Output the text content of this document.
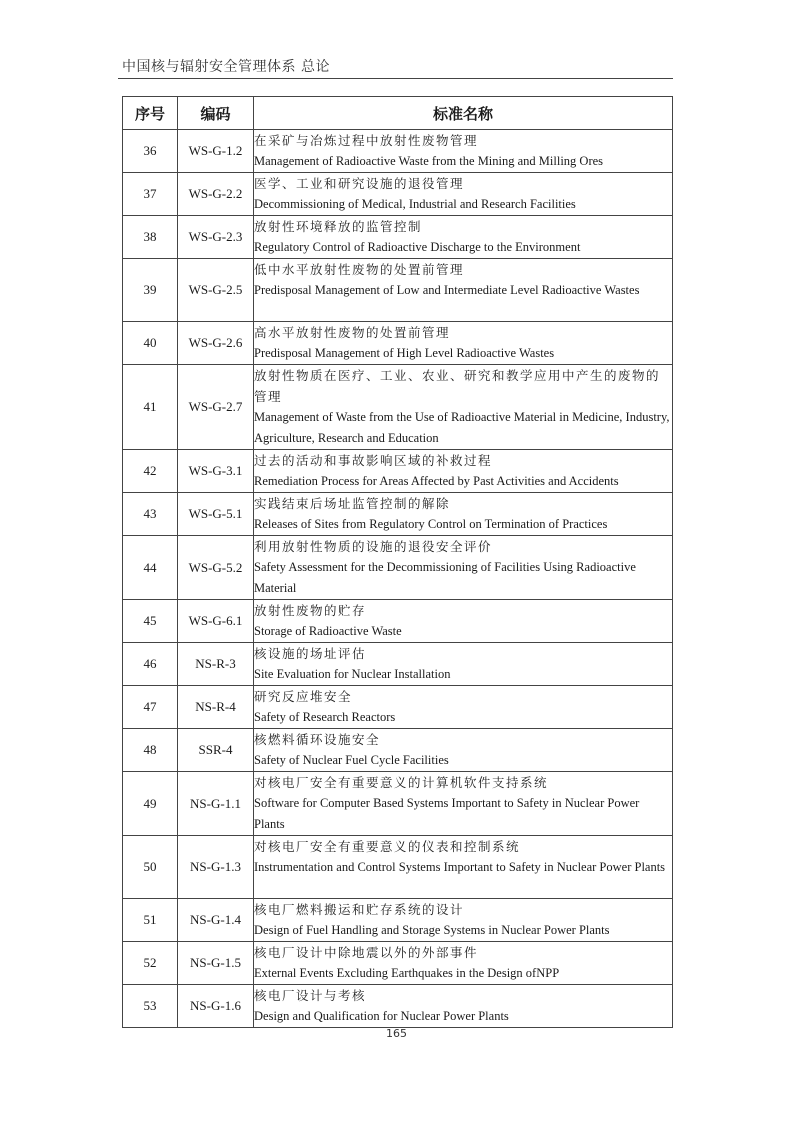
中国核与辐射安全管理体系 总论
序号	编码	标准名称
36	WS-G-1.2	在采矿与冶炼过程中放射性废物管理
Management of Radioactive Waste from the Mining and Milling Ores

37	WS-G-2.2	医学、工业和研究设施的退役管理
Decommissioning of Medical, Industrial and Research Facilities

38	WS-G-2.3	放射性环境释放的监管控制
Regulatory Control of Radioactive Discharge to the Environment

39	WS-G-2.5	低中水平放射性废物的处置前管理
Predisposal Management of Low and Intermediate Level Radioactive Wastes

40	WS-G-2.6	高水平放射性废物的处置前管理
Predisposal Management of High Level Radioactive Wastes

41	WS-G-2.7	放射性物质在医疗、工业、农业、研究和教学应用中产生的废物的管理
Management of Waste from the Use of Radioactive Material in Medicine, Industry, Agriculture, Research and Education

42	WS-G-3.1	过去的活动和事故影响区域的补救过程
Remediation Process for Areas Affected by Past Activities and Accidents

43	WS-G-5.1	实践结束后场址监管控制的解除
Releases of Sites from Regulatory Control on Termination of Practices

44	WS-G-5.2	利用放射性物质的设施的退役安全评价
Safety Assessment for the Decommissioning of Facilities Using Radioactive Material

45	WS-G-6.1	放射性废物的贮存
Storage of Radioactive Waste

46	NS-R-3	核设施的场址评估
Site Evaluation for Nuclear Installation

47	NS-R-4	研究反应堆安全
Safety of Research Reactors

48	SSR-4	核燃料循环设施安全
Safety of Nuclear Fuel Cycle Facilities

49	NS-G-1.1	对核电厂安全有重要意义的计算机软件支持系统
Software for Computer Based Systems Important to Safety in Nuclear Power Plants

50	NS-G-1.3	对核电厂安全有重要意义的仪表和控制系统
Instrumentation and Control Systems Important to Safety in Nuclear Power Plants

51	NS-G-1.4	核电厂燃料搬运和贮存系统的设计
Design of Fuel Handling and Storage Systems in Nuclear Power Plants

52	NS-G-1.5	核电厂设计中除地震以外的外部事件
External Events Excluding Earthquakes in the Design ofNPP

53	NS-G-1.6	核电厂设计与考核
Design and Qualification for Nuclear Power Plants
165
